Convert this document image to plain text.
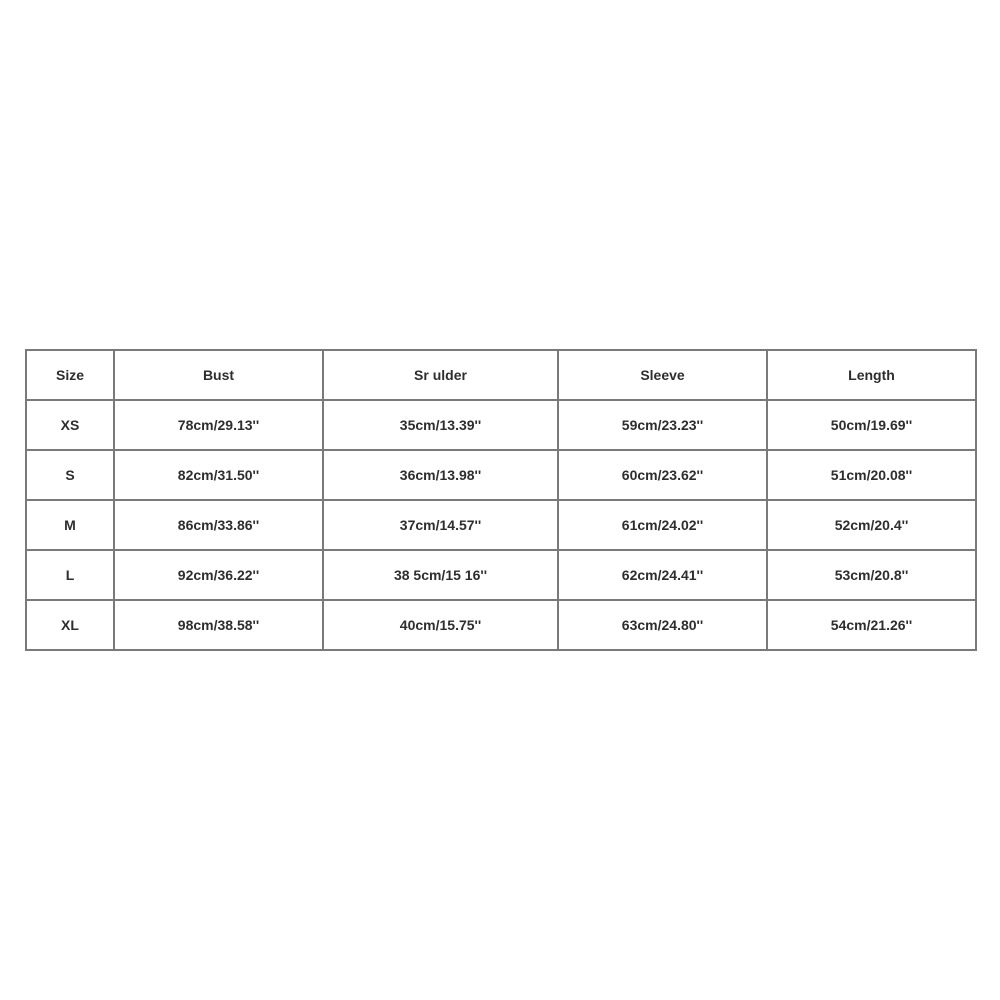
Size	Bust	Sr ulder	Sleeve	Length
XS	78cm/29.13''	35cm/13.39''	59cm/23.23''	50cm/19.69''
S	82cm/31.50''	36cm/13.98''	60cm/23.62''	51cm/20.08''
M	86cm/33.86''	37cm/14.57''	61cm/24.02''	52cm/20.4''
L	92cm/36.22''	38 5cm/15 16''	62cm/24.41''	53cm/20.8''
XL	98cm/38.58''	40cm/15.75''	63cm/24.80''	54cm/21.26''
